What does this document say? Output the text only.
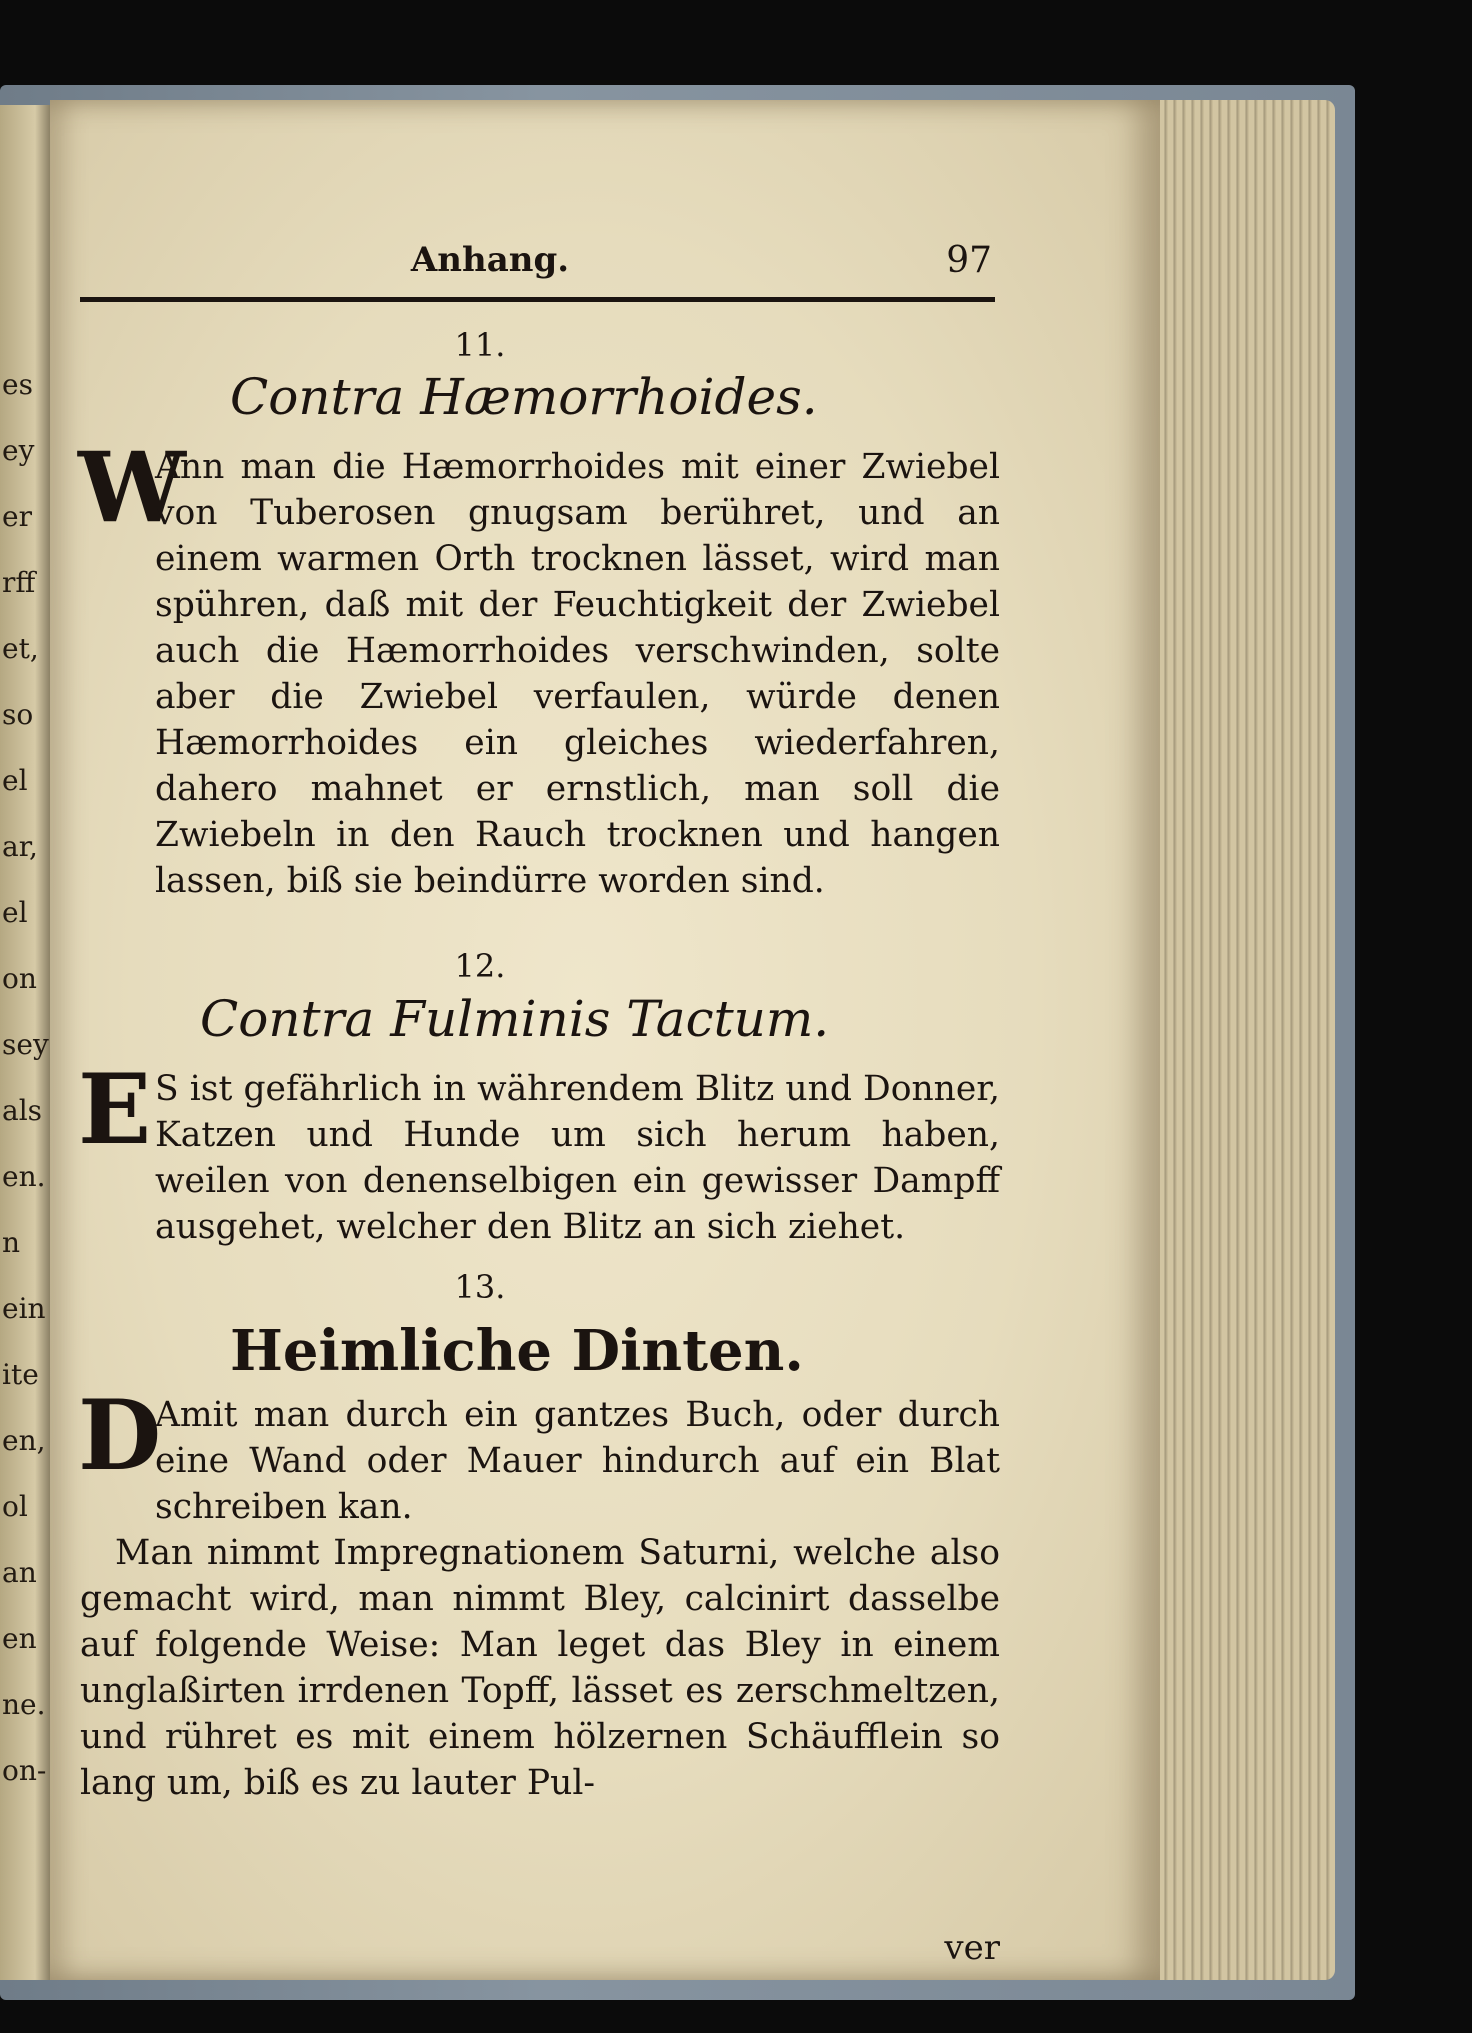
es
ey
er
rff
et,
so
el
ar,
el
on
sey
als
en.
n
ein
ite
en,
ol
an
en
ne.
on-
Anhang.	97
11.
Contra Hæmorrhoides.
W
Ann man die Hæmorrhoides mit einer Zwiebel von Tuberosen gnugsam berühret, und an einem warmen Orth trocknen lässet, wird man spühren, daß mit der Feuchtigkeit der Zwiebel auch die Hæmorrhoides verschwinden, solte aber die Zwiebel verfaulen, würde denen Hæmorrhoides ein gleiches wiederfahren, dahero mahnet er ernstlich, man soll die Zwiebeln in den Rauch trocknen und hangen lassen, biß sie beindürre worden sind.
12.
Contra Fulminis Tactum.
E S ist gefährlich in währendem Blitz und Donner, Katzen und Hunde um sich herum haben, weilen von denenselbigen ein gewisser Dampff ausgehet, welcher den Blitz an sich ziehet.
13.
Heimliche Dinten.
D
Amit man durch ein gantzes Buch, oder durch eine Wand oder Mauer hindurch auf ein Blat schreiben kan.
Man nimmt Impregnationem Saturni, welche also gemacht wird, man nimmt Bley, calcinirt dasselbe auf folgende Weise: Man leget das Bley in einem unglaßirten irrdenen Topff, lässet es zerschmeltzen, und rühret es mit einem hölzernen Schäufflein so lang um, biß es zu lauter Pul-
ver
